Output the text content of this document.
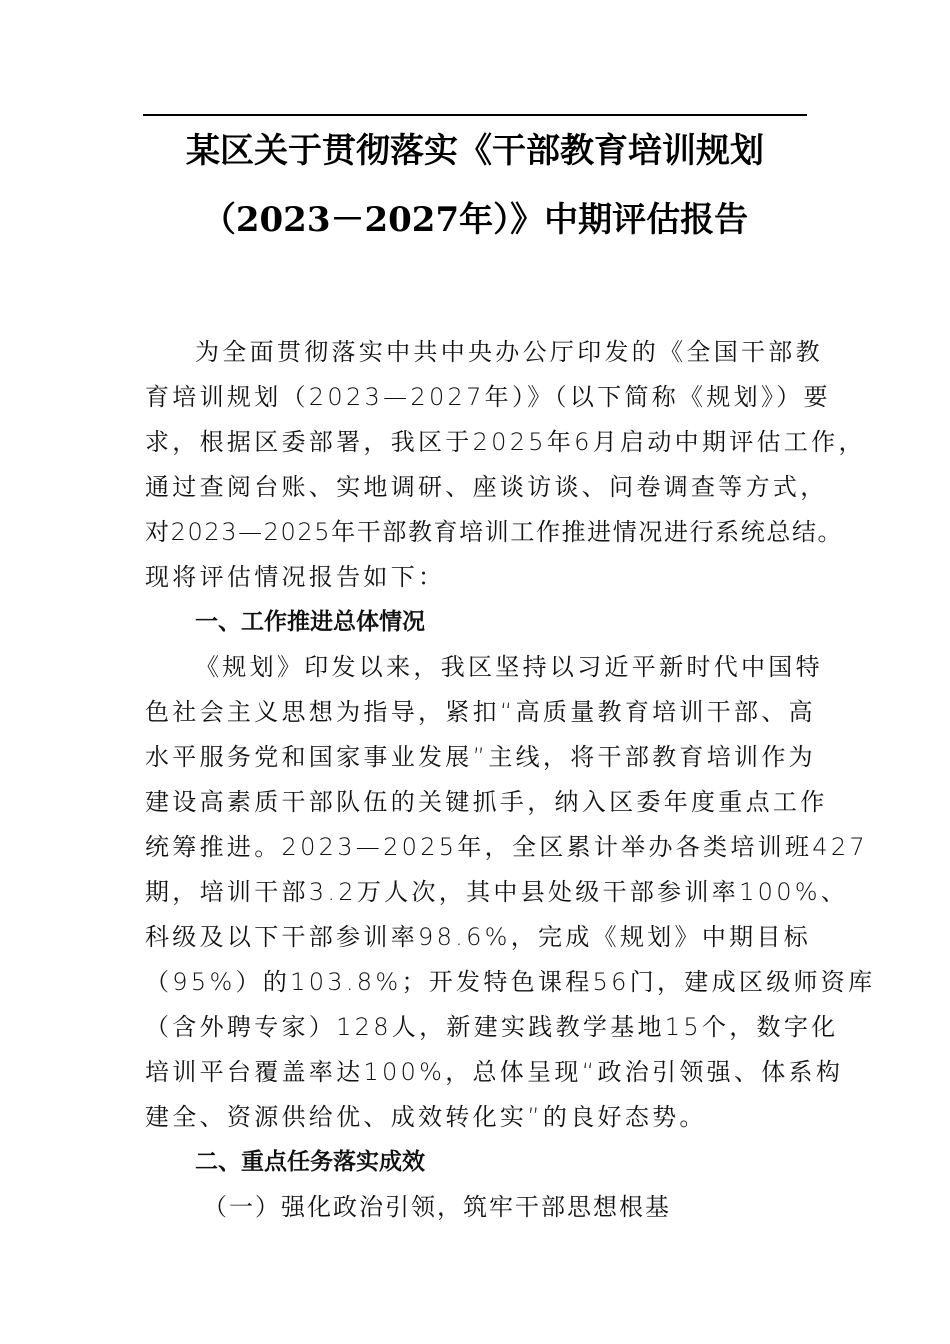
某区关于贯彻落实《干部教育培训规划
（2023－2027年）》中期评估报告
为全面贯彻落实中共中央办公厅印发的《全国干部教
育培训规划（2023—2027年）》（以下简称《规划》）要
求，根据区委部署，我区于2025年6月启动中期评估工作，
通过查阅台账、实地调研、座谈访谈、问卷调查等方式，
对2023—2025年干部教育培训工作推进情况进行系统总结。
现将评估情况报告如下：
一、工作推进总体情况
《规划》印发以来，我区坚持以习近平新时代中国特
色社会主义思想为指导，紧扣“高质量教育培训干部、高
水平服务党和国家事业发展”主线，将干部教育培训作为
建设高素质干部队伍的关键抓手，纳入区委年度重点工作
统筹推进。2023—2025年，全区累计举办各类培训班427
期，培训干部3.2万人次，其中县处级干部参训率100%、
科级及以下干部参训率98.6%，完成《规划》中期目标
（95%）的103.8%；开发特色课程56门，建成区级师资库
（含外聘专家）128人，新建实践教学基地15个，数字化
培训平台覆盖率达100%，总体呈现“政治引领强、体系构
建全、资源供给优、成效转化实”的良好态势。
二、重点任务落实成效
（一）强化政治引领，筑牢干部思想根基
